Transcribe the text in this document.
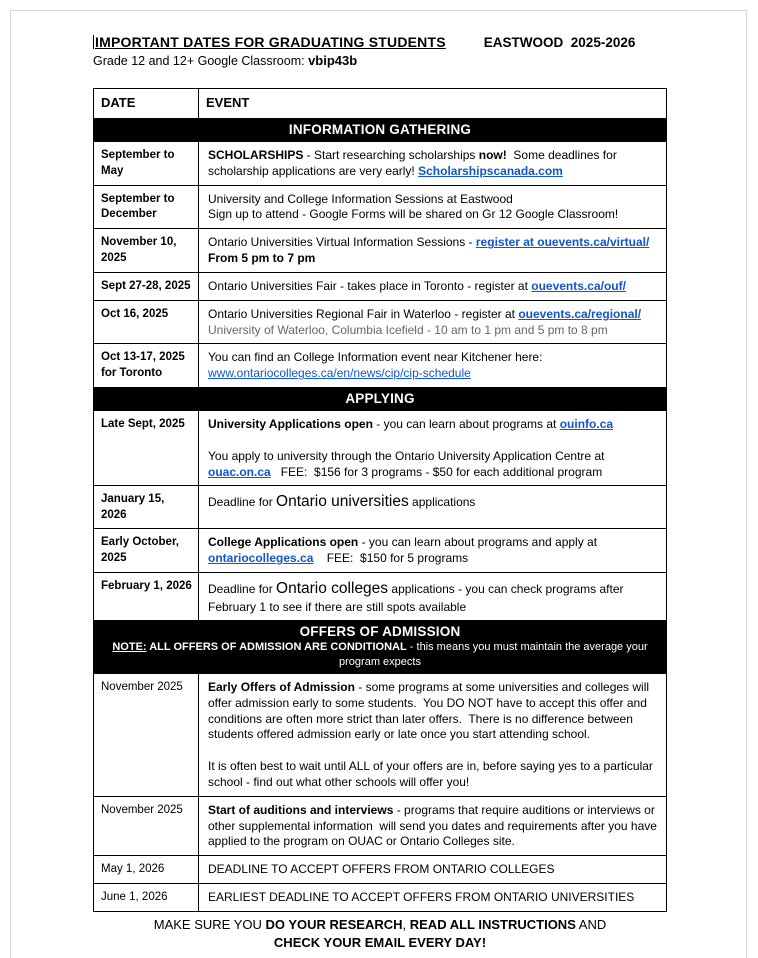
IMPORTANT DATES FOR GRADUATING STUDENTS	EASTWOOD  2025-2026
Grade 12 and 12+ Google Classroom: vbip43b
DATE	EVENT

INFORMATION GATHERING	

September to May	SCHOLARSHIPS - Start researching scholarships now!  Some deadlines for scholarship applications are very early! Scholarshipscanada.com
September to December	University and College Information Sessions at Eastwood
Sign up to attend - Google Forms will be shared on Gr 12 Google Classroom!
November 10, 2025	Ontario Universities Virtual Information Sessions - register at ouevents.ca/virtual/
From 5 pm to 7 pm
Sept 27-28, 2025	Ontario Universities Fair - takes place in Toronto - register at ouevents.ca/ouf/

Oct 16, 2025	Ontario Universities Regional Fair in Waterloo - register at ouevents.ca/regional/
University of Waterloo, Columbia Icefield - 10 am to 1 pm and 5 pm to 8 pm
Oct 13-17, 2025 for Toronto	You can find an College Information event near Kitchener here:
www.ontariocolleges.ca/en/news/cip/cip-schedule

APPLYING	

Late Sept, 2025	University Applications open - you can learn about programs at ouinfo.ca

You apply to university through the Ontario University Application Centre at ouac.on.ca   FEE:  $156 for 3 programs - $50 for each additional program
January 15, 2026	Deadline for Ontario universities applications

Early October, 2025	College Applications open - you can learn about programs and apply at
ontariocolleges.ca    FEE:  $150 for 5 programs
February 1, 2026	Deadline for Ontario colleges applications - you can check programs after February 1 to see if there are still spots available

OFFERS OF ADMISSION
NOTE: ALL OFFERS OF ADMISSION ARE CONDITIONAL - this means you must maintain the average your program expects	

November 2025	Early Offers of Admission - some programs at some universities and colleges will offer admission early to some students.  You DO NOT have to accept this offer and conditions are often more strict than later offers.  There is no difference between students offered admission early or late once you start attending school.

It is often best to wait until ALL of your offers are in, before saying yes to a particular school - find out what other schools will offer you!
November 2025	Start of auditions and interviews - programs that require auditions or interviews or other supplemental information  will send you dates and requirements after you have applied to the program on OUAC or Ontario Colleges site.
May 1, 2026	DEADLINE TO ACCEPT OFFERS FROM ONTARIO COLLEGES
June 1, 2026	EARLIEST DEADLINE TO ACCEPT OFFERS FROM ONTARIO UNIVERSITIES
MAKE SURE YOU DO YOUR RESEARCH, READ ALL INSTRUCTIONS AND
CHECK YOUR EMAIL EVERY DAY!
